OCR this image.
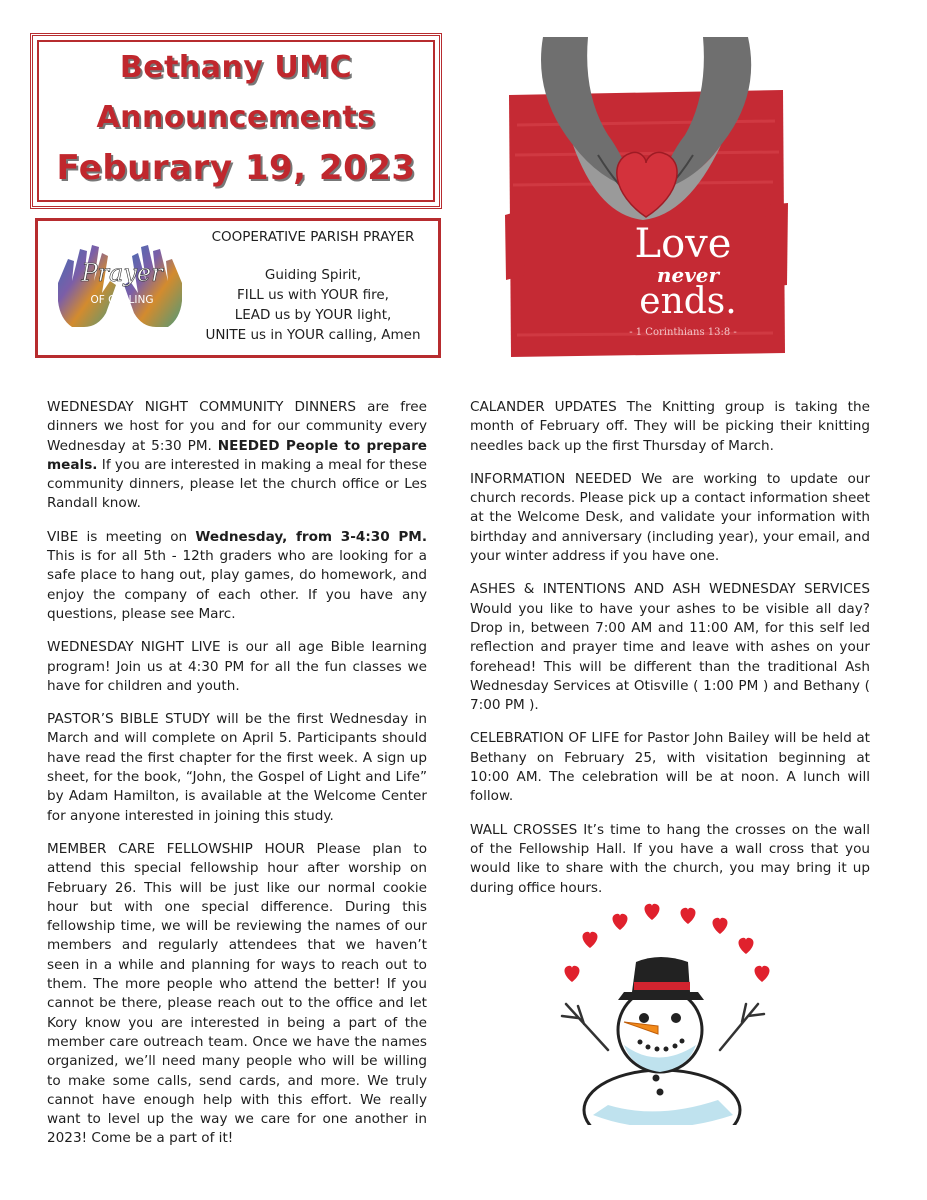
Bethany UMC
Announcements
Feburary 19, 2023
Prayer
OF CALLING
COOPERATIVE PARISH PRAYER
Guiding Spirit,
FILL us with YOUR fire,
LEAD us by YOUR light,
UNITE us in YOUR calling, Amen
Love
never
ends.
- 1 Corinthians 13:8 -

WEDNESDAY NIGHT COMMUNITY DINNERS are free dinners we host for you and for our community every Wednesday at 5:30 PM. NEEDED People to prepare meals. If you are interested in making a meal for these community dinners, please let the church office or Les Randall know.

VIBE is meeting on Wednesday, from 3-4:30 PM. This is for all 5th - 12th graders who are looking for a safe place to hang out, play games, do homework, and enjoy the company of each other. If you have any questions, please see Marc.

WEDNESDAY NIGHT LIVE is our all age Bible learning program! Join us at 4:30 PM for all the fun classes we have for children and youth.

PASTOR’S BIBLE STUDY will be the first Wednesday in March and will complete on April 5. Participants should have read the first chapter for the first week. A sign up sheet, for the book, “John, the Gospel of Light and Life” by Adam Hamilton, is available at the Welcome Center for anyone interested in joining this study.

MEMBER CARE FELLOWSHIP HOUR Please plan to attend this special fellowship hour after worship on February 26. This will be just like our normal cookie hour but with one special difference. During this fellowship time, we will be reviewing the names of our members and regularly attendees that we haven’t seen in a while and planning for ways to reach out to them. The more people who attend the better! If you cannot be there, please reach out to the office and let Kory know you are interested in being a part of the member care outreach team. Once we have the names organized, we’ll need many people who will be willing to make some calls, send cards, and more. We truly cannot have enough help with this effort. We really want to level up the way we care for one another in 2023! Come be a part of it!

CALANDER UPDATES The Knitting group is taking the month of February off. They will be picking their knitting needles back up the first Thursday of March.

INFORMATION NEEDED We are working to update our church records. Please pick up a contact information sheet at the Welcome Desk, and validate your information with birthday and anniversary (including year), your email, and your winter address if you have one.

ASHES & INTENTIONS AND ASH WEDNESDAY SERVICES Would you like to have your ashes to be visible all day? Drop in, between 7:00 AM and 11:00 AM, for this self led reflection and prayer time and leave with ashes on your forehead! This will be different than the traditional Ash Wednesday Services at Otisville ( 1:00 PM ) and Bethany ( 7:00 PM ).

CELEBRATION OF LIFE for Pastor John Bailey will be held at Bethany on February 25, with visitation beginning at 10:00 AM. The celebration will be at noon. A lunch will follow.

WALL CROSSES It’s time to hang the crosses on the wall of the Fellowship Hall. If you have a wall cross that you would like to share with the church, you may bring it up during office hours.
